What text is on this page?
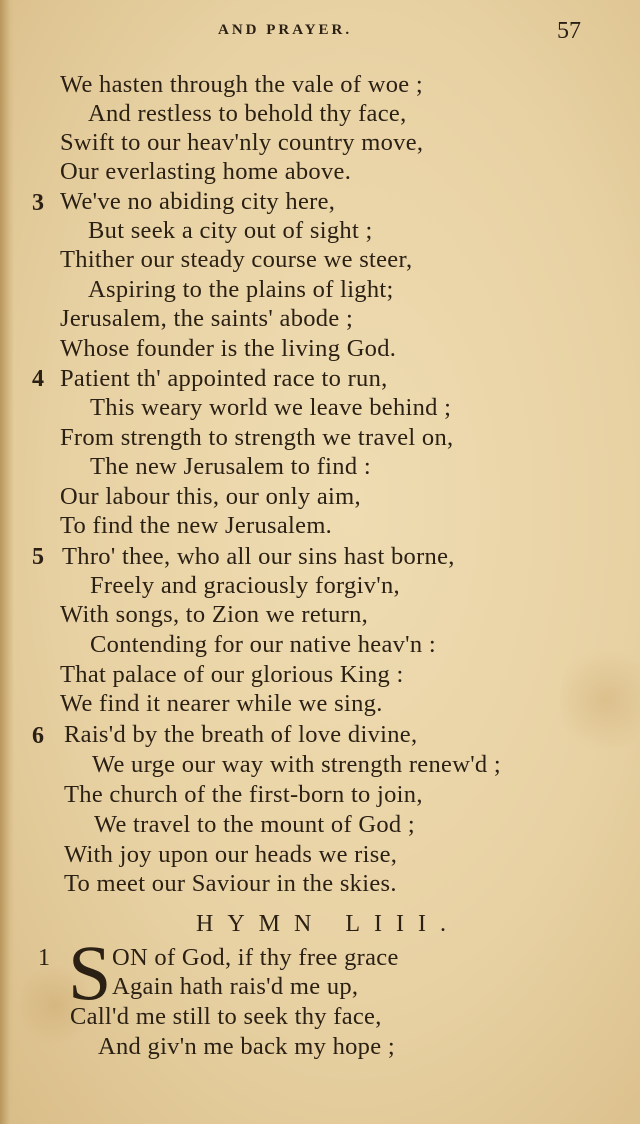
AND PRAYER.	57
We hasten through the vale of woe ;
And restless to behold thy face,
Swift to our heav'nly country move,
Our everlasting home above.
3 We've no abiding city here,
But seek a city out of sight ;
Thither our steady course we steer,
Aspiring to the plains of light;
Jerusalem, the saints' abode ;
Whose founder is the living God.
4 Patient th' appointed race to run,
This weary world we leave behind ;
From strength to strength we travel on,
The new Jerusalem to find :
Our labour this, our only aim,
To find the new Jerusalem.
5 Thro' thee, who all our sins hast borne,
Freely and graciously forgiv'n,
With songs, to Zion we return,
Contending for our native heav'n :
That palace of our glorious King :
We find it nearer while we sing.
6 Rais'd by the breath of love divine,
We urge our way with strength renew'd ;
The church of the first-born to join,
We travel to the mount of God ;
With joy upon our heads we rise,
To meet our Saviour in the skies.
HYMN LIII.
1 S ON of God, if thy free grace
Again hath rais'd me up,
Call'd me still to seek thy face,
And giv'n me back my hope ;
